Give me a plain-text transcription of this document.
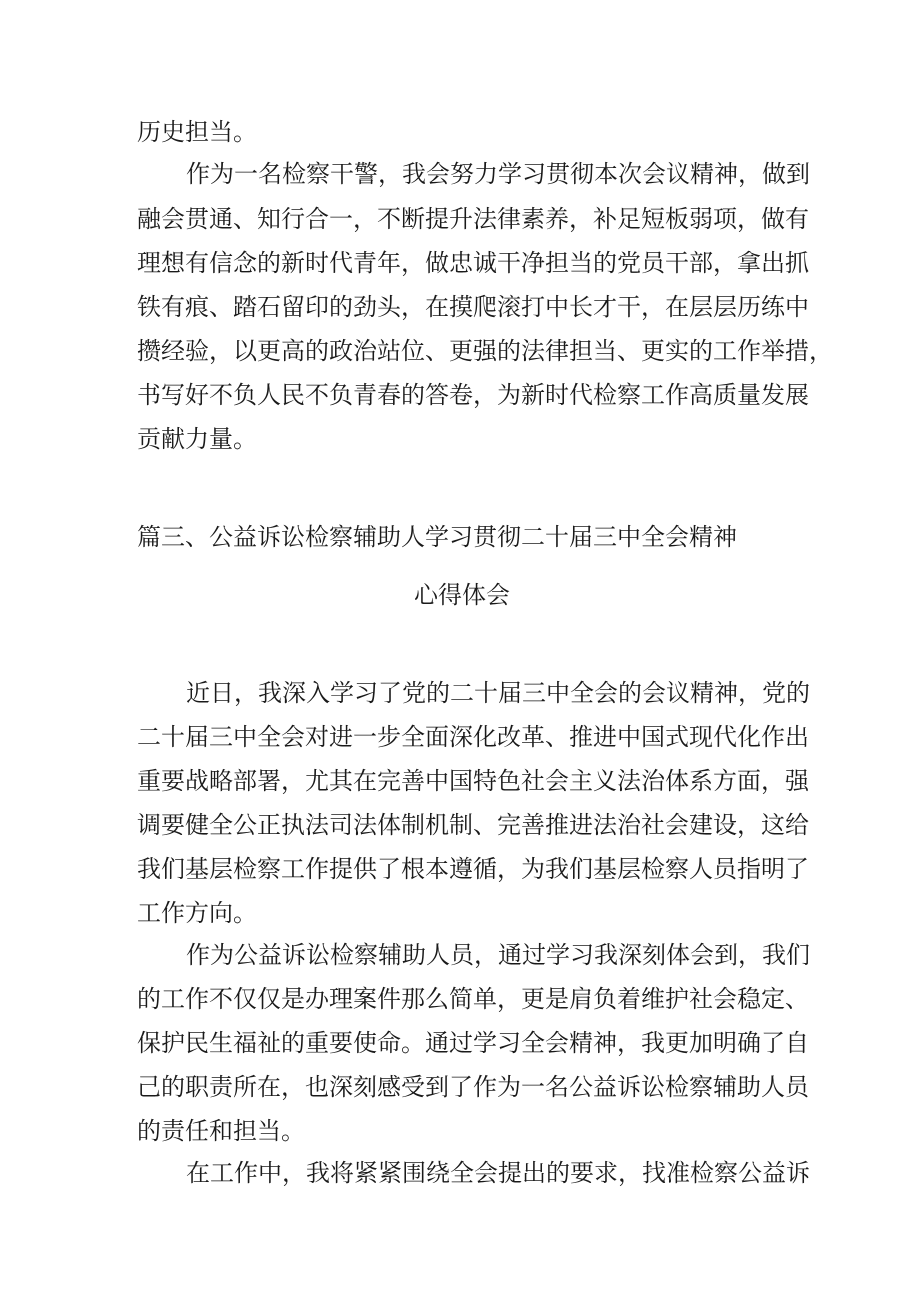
历史担当。
作为一名检察干警，我会努力学习贯彻本次会议精神，做到
融会贯通、知行合一，不断提升法律素养，补足短板弱项，做有
理想有信念的新时代青年，做忠诚干净担当的党员干部，拿出抓
铁有痕、踏石留印的劲头，在摸爬滚打中长才干，在层层历练中
攒经验，以更高的政治站位、更强的法律担当、更实的工作举措，
书写好不负人民不负青春的答卷，为新时代检察工作高质量发展
贡献力量。
篇三、公益诉讼检察辅助人学习贯彻二十届三中全会精神
心得体会
近日，我深入学习了党的二十届三中全会的会议精神，党的
二十届三中全会对进一步全面深化改革、推进中国式现代化作出
重要战略部署，尤其在完善中国特色社会主义法治体系方面，强
调要健全公正执法司法体制机制、完善推进法治社会建设，这给
我们基层检察工作提供了根本遵循，为我们基层检察人员指明了
工作方向。
作为公益诉讼检察辅助人员，通过学习我深刻体会到，我们
的工作不仅仅是办理案件那么简单，更是肩负着维护社会稳定、
保护民生福祉的重要使命。通过学习全会精神，我更加明确了自
己的职责所在，也深刻感受到了作为一名公益诉讼检察辅助人员
的责任和担当。
在工作中，我将紧紧围绕全会提出的要求，找准检察公益诉
